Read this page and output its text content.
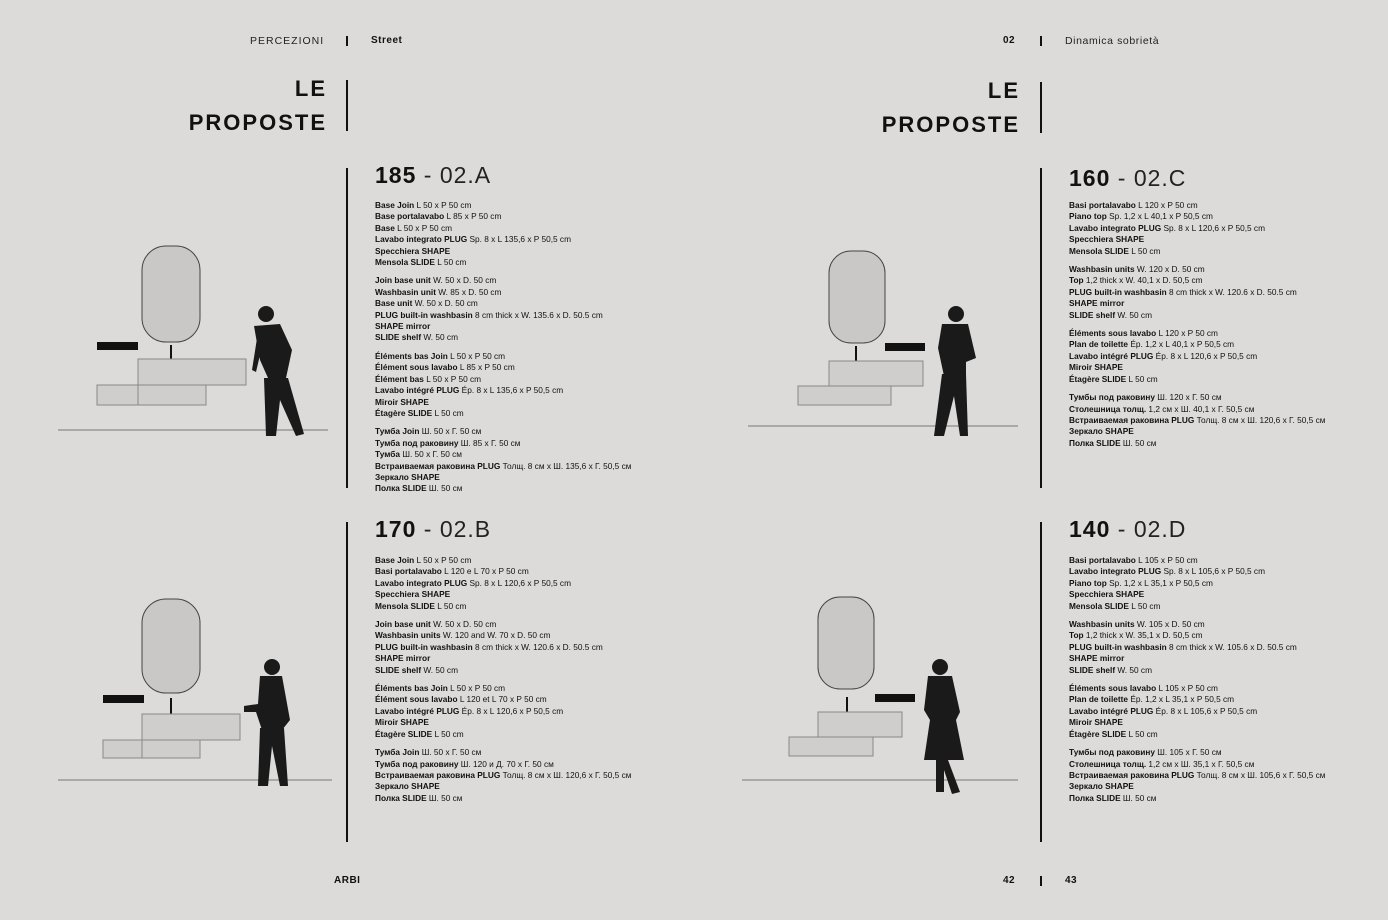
PERCEZIONI	Street	02	Dinamica sobrietà
LE
PROPOSTE
LE
PROPOSTE
185 - 02.A
Base Join L 50 x P 50 cm
Base portalavabo L 85 x P 50 cm
Base L 50 x P 50 cm
Lavabo integrato PLUG Sp. 8 x L 135,6 x P 50,5 cm
Specchiera SHAPE
Mensola SLIDE L 50 cm
Join base unit W. 50 x D. 50 cm
Washbasin unit W. 85 x D. 50 cm
Base unit W. 50 x D. 50 cm
PLUG built-in washbasin 8 cm thick x W. 135.6 x D. 50.5 cm
SHAPE mirror
SLIDE shelf W. 50 cm
Éléments bas Join L 50 x P 50 cm
Élément sous lavabo L 85 x P 50 cm
Élément bas L 50 x P 50 cm
Lavabo intégré PLUG Ép. 8 x L 135,6 x P 50,5 cm
Miroir SHAPE
Étagère SLIDE L 50 cm
Тумба Join Ш. 50 x Г. 50 см
Тумба под раковину Ш. 85 x Г. 50 см
Тумба Ш. 50 x Г. 50 см
Встраиваемая раковина PLUG Толщ. 8 см x Ш. 135,6 x Г. 50,5 см
Зеркало SHAPE
Полка SLIDE Ш. 50 см
170 - 02.B
Base Join L 50 x P 50 cm
Basi portalavabo L 120 e L 70 x P 50 cm
Lavabo integrato PLUG Sp. 8 x L 120,6 x P 50,5 cm
Specchiera SHAPE
Mensola SLIDE L 50 cm
Join base unit W. 50 x D. 50 cm
Washbasin units W. 120 and W. 70 x D. 50 cm
PLUG built-in washbasin 8 cm thick x W. 120.6 x D. 50.5 cm
SHAPE mirror
SLIDE shelf W. 50 cm
Éléments bas Join L 50 x P 50 cm
Élément sous lavabo L 120 et L 70 x P 50 cm
Lavabo intégré PLUG Ép. 8 x L 120,6 x P 50,5 cm
Miroir SHAPE
Étagère SLIDE L 50 cm
Тумба Join Ш. 50 x Г. 50 см
Тумба под раковину Ш. 120 и Д. 70 x Г. 50 см
Встраиваемая раковина PLUG Толщ. 8 см x Ш. 120,6 x Г. 50,5 см
Зеркало SHAPE
Полка SLIDE Ш. 50 см
160 - 02.C
Basi portalavabo L 120 x P 50 cm
Piano top Sp. 1,2 x L 40,1 x P 50,5 cm
Lavabo integrato PLUG Sp. 8 x L 120,6 x P 50,5 cm
Specchiera SHAPE
Mensola SLIDE L 50 cm
Washbasin units W. 120 x D. 50 cm
Top 1,2 thick x W. 40,1 x D. 50,5 cm
PLUG built-in washbasin 8 cm thick x W. 120.6 x D. 50.5 cm
SHAPE mirror
SLIDE shelf W. 50 cm
Éléments sous lavabo L 120 x P 50 cm
Plan de toilette Ép. 1,2 x L 40,1 x P 50,5 cm
Lavabo intégré PLUG Ép. 8 x L 120,6 x P 50,5 cm
Miroir SHAPE
Étagère SLIDE L 50 cm
Тумбы под раковину Ш. 120 x Г. 50 см
Столешница толщ. 1,2 см x Ш. 40,1 x Г. 50,5 см
Встраиваемая раковина PLUG Толщ. 8 см x Ш. 120,6 x Г. 50,5 см
Зеркало SHAPE
Полка SLIDE Ш. 50 см
140 - 02.D
Basi portalavabo L 105 x P 50 cm
Lavabo integrato PLUG Sp. 8 x L 105,6 x P 50,5 cm
Piano top Sp. 1,2 x L 35,1 x P 50,5 cm
Specchiera SHAPE
Mensola SLIDE L 50 cm
Washbasin units W. 105 x D. 50 cm
Top 1,2 thick x W. 35,1 x D. 50,5 cm
PLUG built-in washbasin 8 cm thick x W. 105.6 x D. 50.5 cm
SHAPE mirror
SLIDE shelf W. 50 cm
Éléments sous lavabo L 105 x P 50 cm
Plan de toilette Ép. 1,2 x L 35,1 x P 50,5 cm
Lavabo intégré PLUG Ép. 8 x L 105,6 x P 50,5 cm
Miroir SHAPE
Étagère SLIDE L 50 cm
Тумбы под раковину Ш. 105 x Г. 50 см
Столешница толщ. 1,2 см x Ш. 35,1 x Г. 50,5 см
Встраиваемая раковина PLUG Толщ. 8 см x Ш. 105,6 x Г. 50,5 см
Зеркало SHAPE
Полка SLIDE Ш. 50 см
ARBI	42	43
